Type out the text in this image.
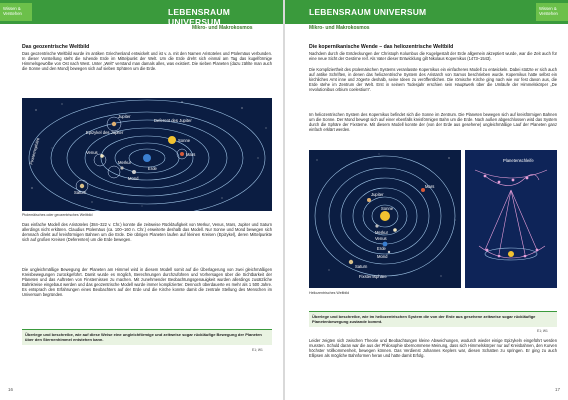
Wissen & Verstehen	LEBENSRAUM UNIVERSUM
Mikro- und Makrokosmos
Das geozentrische Weltbild
Das geozentrische Weltbild wurde im antiken Griechenland entwickelt und ist v. a. mit den Namen Aristoteles und Ptolemäus verbunden. In dieser Vorstellung steht die ruhende Erde im Mittelpunkt der Welt. Um die Erde dreht sich einmal am Tag das kugelförmige Himmelsgewölbe von Ost nach West. Unter „Welt“ verstand man damals alles, was existiert. Die sieben Planeten (dazu zählte man auch die Sonne und den Mond) bewegen sich auf sieben Sphären um die Erde.
Fixsternsphäre
Jupiter
Deferent des Jupiter
Epizykel des Jupiter
Venus
Merkur
Mars
Sonne
Mond
Erde
Saturn
Ptolemäisches oder geozentrisches Weltbild
Das einfache Modell des Aristoteles (384–322 v. Chr.) konnte die zeitweise Rückläufigkeit von Merkur, Venus, Mars, Jupiter und Saturn allerdings nicht erklären. Claudius Ptolemäus (ca. 100–160 n. Chr.) erweiterte deshalb das Modell. Nur Sonne und Mond bewegen sich demnach direkt auf kreisförmigen Bahnen um die Erde. Die übrigen Planeten laufen auf kleinen Kreisen (Epizykel), deren Mittelpunkte sich auf großen Kreisen (Deferenten) um die Erde bewegen.
Die ungleichmäßige Bewegung der Planeten am Himmel wird in diesem Modell somit auf die Überlagerung von zwei gleichmäßigen Kreisbewegungen zurückgeführt. Damit wurde es möglich, Berechnungen durchzuführen und Vorhersagen über die Sichtbarkeit der Planeten und das Auftreten von Finsternissen zu machen. Mit zunehmender Beobachtungsgenauigkeit wurden allerdings zusätzliche Bahnkreise eingebaut werden und das geozentrische Modell wurde immer komplizierter. Dennoch überdauerte es mehr als 1 500 Jahre. Es entsprach den Erfahrungen eines Beobachters auf der Erde und die Kirche konnte damit die zentrale Stellung des Menschen im Universum begründen.
Überlege und beschreibe, wie auf diese Weise eine ungleichförmige und zeitweise sogar rückläufige Bewegung der Planeten über den Sternenhimmel entstehen kann.
E1; W1
16
Wissen & Verstehen
LEBENSRAUM UNIVERSUM
Mikro- und Makrokosmos
Die kopernikanische Wende – das heliozentrische Weltbild
Nachdem durch die Entdeckungen der Christoph Kolumbus die Kugelgestalt der Erde allgemein akzeptiert wurde, war die Zeit auch für eine neue Sicht der Gestirne reif. Als Vater dieser Entwicklung gilt Nikolaus Kopernikus (1473–1543).
Die Kompliziertheit des ptolemäischen Systems veranlasste Kopernikus ein einfacheres Modell zu entwickeln. Dabei stützte er sich auch auf antike Schriften, in denen das heliozentrische System des Aristarch von Samos beschrieben wurde. Kopernikus hatte selbst ein kirchliches Amt inne und zögerte deshalb, seine Ideen zu veröffentlichen. Die römische Kirche ging nach wie vor fest davon aus, die Erde stehe im Zentrum der Welt. Erst in seinem Todesjahr erschien sein Hauptwerk über die Umläufe der Himmelskörper „De revolutionibus orbium coelestium“.
Im heliozentrischen System des Kopernikus befindet sich die Sonne im Zentrum. Die Planeten bewegen sich auf kreisförmigen Bahnen um die Sonne. Der Mond bewegt sich auf einer ebenfalls kreisförmigen Bahn um die Erde. Nach außen abgeschlossen wird das System durch die Sphäre der Fixsterne. Mit diesem Modell konnte der (von der Erde aus gesehene) ungleichmäßige Lauf der Planeten ganz einfach erklärt werden.
Jupiter
Mars
Sonne
Merkur
Venus
Erde
Mond
Saturn
Fixsternsphäre
Planetenschleife
Heliozentrisches Weltbild
Überlege und beschreibe, wie im heliozentrischen System die von der Erde aus gesehene zeitweise sogar rückläufige Planetenbewegung zustande kommt.
E1; W1
Leider zeigten sich zwischen Theorie und Beobachtungen kleine Abweichungen, wodurch wieder einige Epizykeln eingeführt werden mussten. Schuld daran war die aus der Philosophie übernommene Meinung, dass sich Himmelskörper nur auf Kreisbahnen, den Kurven höchster Vollkommenheit, bewegen können. Das Verdienst Johannes Keplers war, diesen Schatten zu springen. Er ging zu auch Ellipsen als mögliche Bahnformen heran und hatte damit Erfolg.
17
